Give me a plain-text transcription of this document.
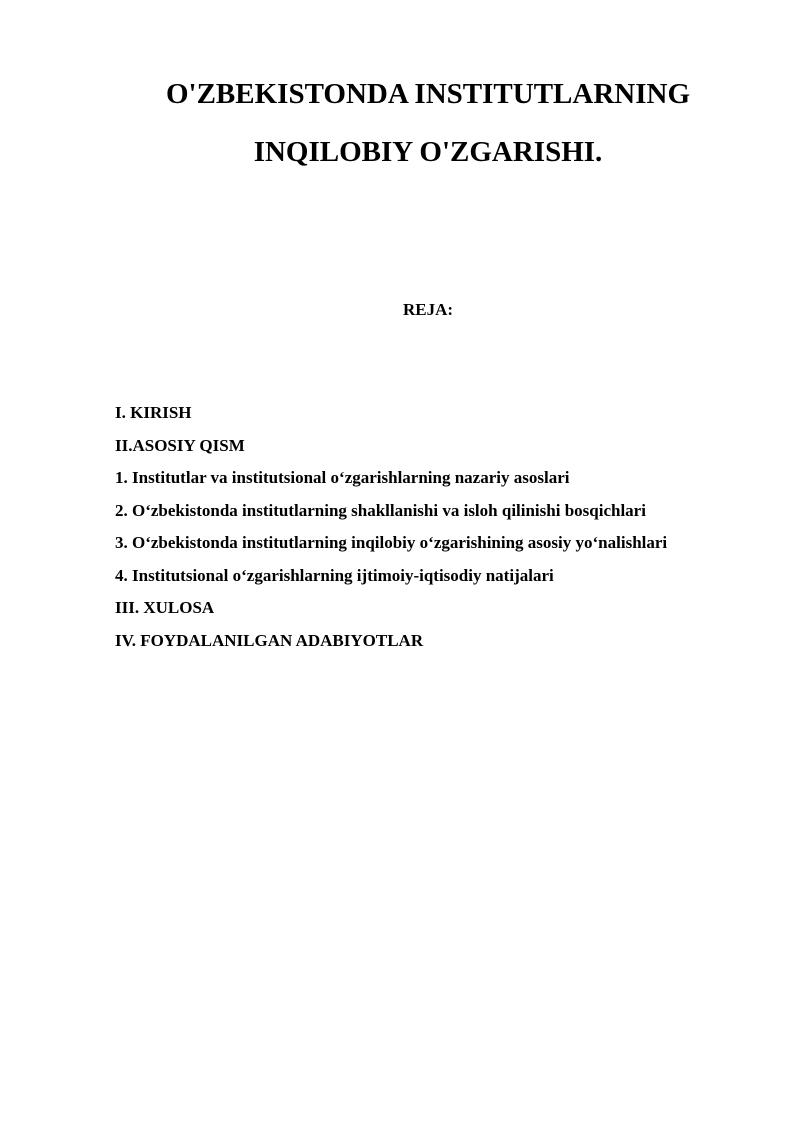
O'ZBEKISTONDA INSTITUTLARNING
INQILOBIY O'ZGARISHI.
REJA:
I. KIRISH
II.ASOSIY QISM
1. Institutlar va institutsional o‘zgarishlarning nazariy asoslari
2. O‘zbekistonda institutlarning shakllanishi va isloh qilinishi bosqichlari
3. O‘zbekistonda institutlarning inqilobiy o‘zgarishining asosiy yo‘nalishlari
4. Institutsional o‘zgarishlarning ijtimoiy-iqtisodiy natijalari
III. XULOSA
IV. FOYDALANILGAN ADABIYOTLAR
